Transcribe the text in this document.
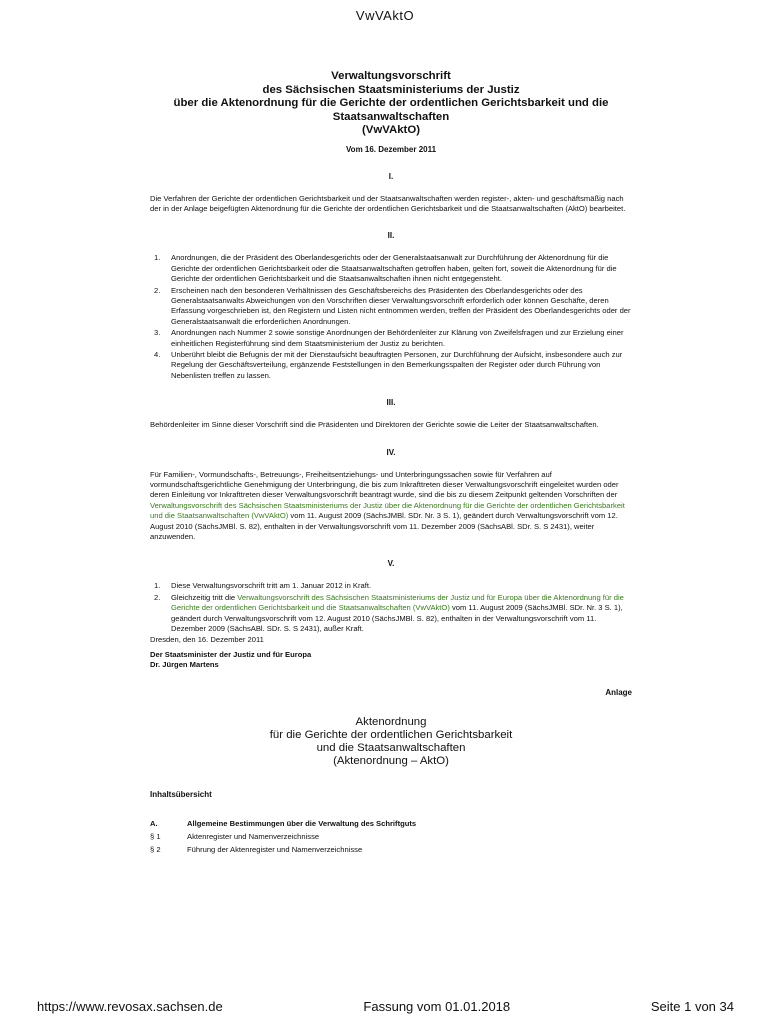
VwVAktO
Verwaltungsvorschrift
des Sächsischen Staatsministeriums der Justiz
über die Aktenordnung für die Gerichte der ordentlichen Gerichtsbarkeit und die
Staatsanwaltschaften
(VwVAktO)
Vom 16. Dezember 2011
I.

Die Verfahren der Gerichte der ordentlichen Gerichtsbarkeit und der Staatsanwaltschaften werden register-, akten- und geschäftsmäßig nach der in der Anlage beigefügten Aktenordnung für die Gerichte der ordentlichen Gerichtsbarkeit und die Staatsanwaltschaften (AktO) bearbeitet.

II.
1.	Anordnungen, die der Präsident des Oberlandesgerichts oder der Generalstaatsanwalt zur Durchführung der Aktenordnung für die Gerichte der ordentlichen Gerichtsbarkeit oder die Staatsanwaltschaften getroffen haben, gelten fort, soweit die Aktenordnung für die Gerichte der ordentlichen Gerichtsbarkeit und die Staatsanwaltschaften ihnen nicht entgegensteht.
2.	Erscheinen nach den besonderen Verhältnissen des Geschäftsbereichs des Präsidenten des Oberlandesgerichts oder des Generalstaatsanwalts Abweichungen von den Vorschriften dieser Verwaltungsvorschrift erforderlich oder können Geschäfte, deren Erfassung vorgeschrieben ist, den Registern und Listen nicht entnommen werden, treffen der Präsident des Oberlandesgerichts oder der Generalstaatsanwalt die erforderlichen Anordnungen.
3.	Anordnungen nach Nummer 2 sowie sonstige Anordnungen der Behördenleiter zur Klärung von Zweifelsfragen und zur Erzielung einer einheitlichen Registerführung sind dem Staatsministerium der Justiz zu berichten.
4.	Unberührt bleibt die Befugnis der mit der Dienstaufsicht beauftragten Personen, zur Durchführung der Aufsicht, insbesondere auch zur Regelung der Geschäftsverteilung, ergänzende Feststellungen in den Bemerkungsspalten der Register oder durch Führung von Nebenlisten treffen zu lassen.
III.

Behördenleiter im Sinne dieser Vorschrift sind die Präsidenten und Direktoren der Gerichte sowie die Leiter der Staatsanwaltschaften.

IV.

Für Familien-, Vormundschafts-, Betreuungs-, Freiheitsentziehungs- und Unterbringungssachen sowie für Verfahren auf vormundschaftsgerichtliche Genehmigung der Unterbringung, die bis zum Inkrafttreten dieser Verwaltungsvorschrift eingeleitet wurden oder deren Einleitung vor Inkrafttreten dieser Verwaltungsvorschrift beantragt wurde, sind die bis zu diesem Zeitpunkt geltenden Vorschriften der Verwaltungsvorschrift des Sächsischen Staatsministeriums der Justiz über die Aktenordnung für die Gerichte der ordentlichen Gerichtsbarkeit und die Staatsanwaltschaften (VwVAktO) vom 11. August 2009 (SächsJMBl. SDr. Nr. 3 S. 1), geändert durch Verwaltungsvorschrift vom 12. August 2010 (SächsJMBl. S. 82), enthalten in der Verwaltungsvorschrift vom 11. Dezember 2009 (SächsABl. SDr. S. S 2431), weiter anzuwenden.

V.
1.	Diese Verwaltungsvorschrift tritt am 1. Januar 2012 in Kraft.
2.	Gleichzeitig tritt die Verwaltungsvorschrift des Sächsischen Staatsministeriums der Justiz und für Europa über die Aktenordnung für die Gerichte der ordentlichen Gerichtsbarkeit und die Staatsanwaltschaften (VwVAktO) vom 11. August 2009 (SächsJMBl. SDr. Nr. 3 S. 1), geändert durch Verwaltungsvorschrift vom 12. August 2010 (SächsJMBl. S. 82), enthalten in der Verwaltungsvorschrift vom 11. Dezember 2009 (SächsABl. SDr. S. S 2431), außer Kraft.
Dresden, den 16. Dezember 2011
Der Staatsminister der Justiz und für Europa
Dr. Jürgen Martens
Anlage
Aktenordnung
für die Gerichte der ordentlichen Gerichtsbarkeit
und die Staatsanwaltschaften
(Aktenordnung – AktO)
Inhaltsübersicht
A.	Allgemeine Bestimmungen über die Verwaltung des Schriftguts
§ 1	Aktenregister und Namenverzeichnisse
§ 2	Führung der Aktenregister und Namenverzeichnisse
https://www.revosax.sachsen.de	Fassung vom 01.01.2018	Seite 1 von 34
